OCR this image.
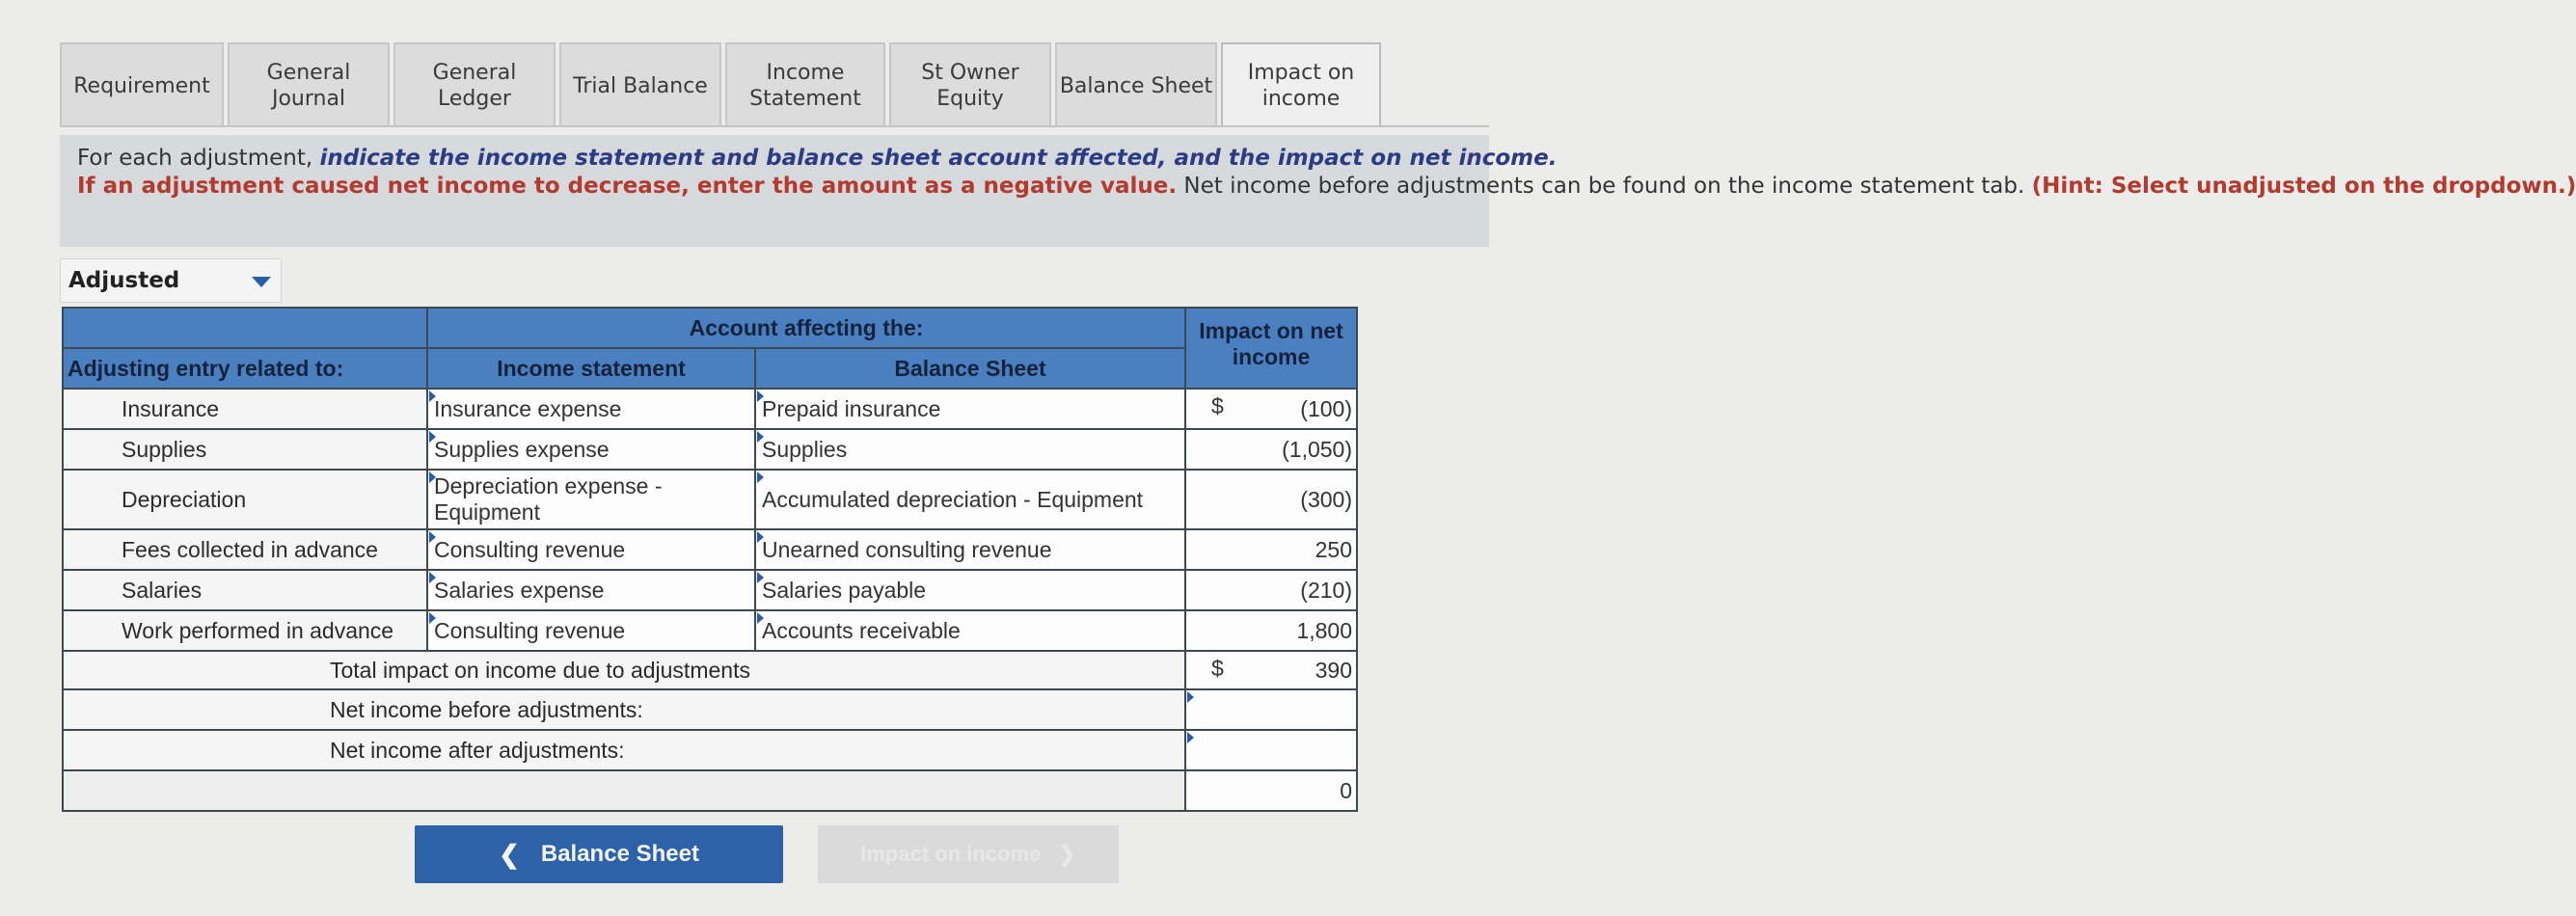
Requirement
General Journal
General Ledger
Trial Balance
Income Statement
St Owner Equity
Balance Sheet
Impact on income
For each adjustment, indicate the income statement and balance sheet account affected, and the impact on net income.
If an adjustment caused net income to decrease, enter the amount as a negative value. Net income before adjustments can be found on the income statement tab. (Hint: Select unadjusted on the dropdown.)
Adjusted
	Account affecting the:		Impact on net income
Adjusting entry related to:	Income statement	Balance Sheet	
Insurance	Insurance expense	Prepaid insurance	$ (100)
Supplies	Supplies expense	Supplies	(1,050)
Depreciation	Depreciation expense - Equipment	Accumulated depreciation - Equipment	(300)
Fees collected in advance	Consulting revenue	Unearned consulting revenue	250
Salaries	Salaries expense	Salaries payable	(210)
Work performed in advance	Consulting revenue	Accounts receivable	1,800
Total impact on income due to adjustments			$ 390
Net income before adjustments:			

Net income after adjustments:			

			0
❮ Balance Sheet	Impact on income ❯
